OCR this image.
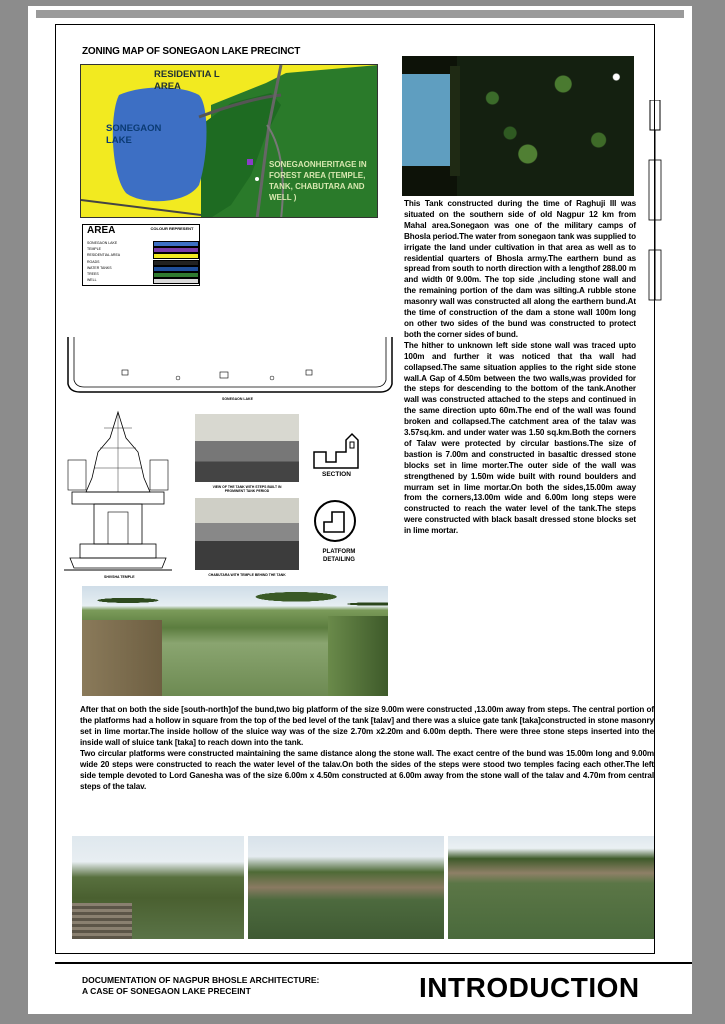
ZONING MAP OF SONEGAON LAKE PRECINCT
RESIDENTIA L AREA
SONEGAON LAKE
SONEGAONHERITAGE IN FOREST AREA (TEMPLE, TANK, CHABUTARA AND WELL )
AREA	COLOUR REPRESENT
SONEGAON LAKE
TEMPLE
RESIDENTIAL AREA
ROADS
WATER TANKS
TREES
WELL
SONEGAON LAKE

This Tank constructed during the time of Raghuji III was situated on the southern side of old Nagpur 12 km from Mahal area.Sonegaon was one of the military camps of Bhosla period.The water from sonegaon tank was supplied to irrigate the land under cultivation in that area as well as to residential quarters of Bhosla army.The earthern bund as spread from south to north direction with a lengthof 288.00 m and width 0f 9.00m. The top side ,including stone wall and the remaining portion of the dam was silting.A rubble stone masonry wall was constructed all along the earthern bund.At the time of construction of the dam a stone wall 100m long on other two sides of the bund was constructed to protect both the corner sides of bund.

The hither to unknown left side stone wall was traced upto 100m and further it was noticed that tha wall had collapsed.The same situation applies to the right side stone wall.A Gap of 4.50m between the two walls,was provided for the steps for descending to the bottom of the tank.Another wall was constructed attached to the steps and continued in the same direction upto 60m.The end of the wall was found broken and collapsed.The catchment area of the talav was 3.57sq.km. and under water was 1.50 sq.km.Both the corners of Talav were protected by circular bastions.The size of bastion is 7.00m and constructed in basaltic dressed stone blocks set in lime morter.The outer side of the wall was strengthened by 1.50m wide built with round boulders and murram set in lime mortar.On both the sides,15.00m away from the corners,13.00m wide and 6.00m long steps were constructed to reach the water level of the tank.The steps were constructed with black basalt dressed stone blocks set in lime mortar.

SHIVSHA TEMPLE
VIEW OF THE TANK WITH STEPS BUILT IN PROMINENT TANK PERIOD
CHABUTARA WITH TEMPLE BEHIND THE TANK
SECTION
PLATFORM DETAILING

After that on both the side [south-north]of the bund,two big platform of the size 9.00m were constructed ,13.00m away from steps. The central portion of the platforms had a hollow in square from the top of the bed level of the tank [talav] and there was a sluice gate tank [taka]constructed in stone masonry set in lime mortar.The inside hollow of the sluice way was of the size 2.70m x2.20m and 6.00m depth. There were three stone steps inserted into the inside wall of sluice tank [taka] to reach down into the tank.

Two circular platforms were constructed maintaining the same distance along the stone wall. The exact centre of the bund was 15.00m long and 9.00m wide 20 steps were constructed to reach the water level of the talav.On both the sides of the steps were stood two temples facing each other.The left side temple devoted to Lord Ganesha was of the size 6.00m x 4.50m constructed at 6.00m away from the stone wall of the talav and 4.70m from central steps of the talav.

DOCUMENTATION OF NAGPUR BHOSLE ARCHITECTURE:
A CASE OF SONEGAON LAKE PRECEINT	INTRODUCTION
